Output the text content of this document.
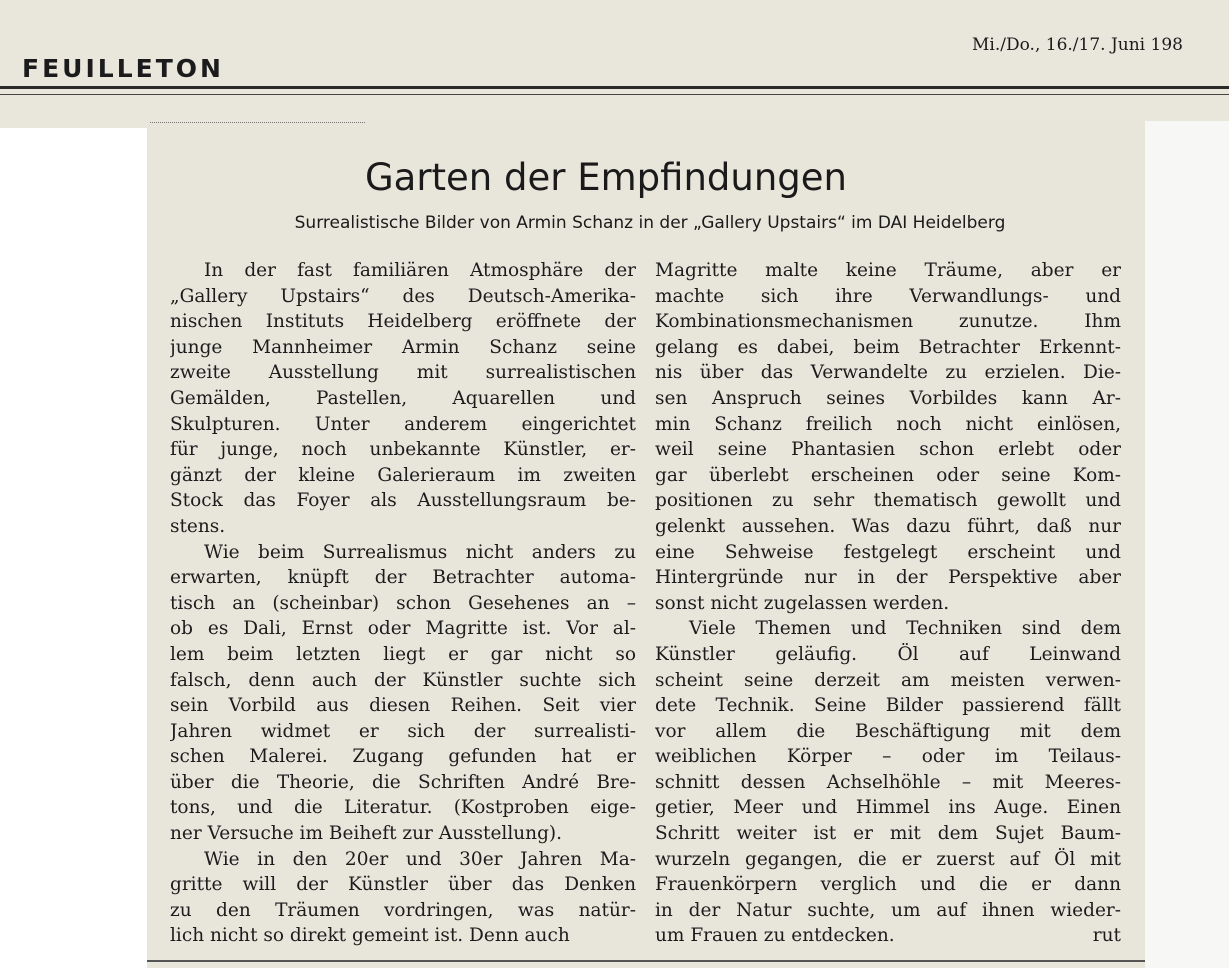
FEUILLETON
Mi./Do., 16./17. Juni 198
Garten der Empfindungen
Surrealistische Bilder von Armin Schanz in der „Gallery Upstairs“ im DAI Heidelberg
In der fast familiären Atmosphäre der
„Gallery Upstairs“ des Deutsch-Amerika-
nischen Instituts Heidelberg eröffnete der
junge Mannheimer Armin Schanz seine
zweite Ausstellung mit surrealistischen
Gemälden, Pastellen, Aquarellen und
Skulpturen. Unter anderem eingerichtet
für junge, noch unbekannte Künstler, er-
gänzt der kleine Galerieraum im zweiten
Stock das Foyer als Ausstellungsraum be-
stens.
Wie beim Surrealismus nicht anders zu
erwarten, knüpft der Betrachter automa-
tisch an (scheinbar) schon Gesehenes an –
ob es Dali, Ernst oder Magritte ist. Vor al-
lem beim letzten liegt er gar nicht so
falsch, denn auch der Künstler suchte sich
sein Vorbild aus diesen Reihen. Seit vier
Jahren widmet er sich der surrealisti-
schen Malerei. Zugang gefunden hat er
über die Theorie, die Schriften André Bre-
tons, und die Literatur. (Kostproben eige-
ner Versuche im Beiheft zur Ausstellung).
Wie in den 20er und 30er Jahren Ma-
gritte will der Künstler über das Denken
zu den Träumen vordringen, was natür-
lich nicht so direkt gemeint ist. Denn auch
Magritte malte keine Träume, aber er
machte sich ihre Verwandlungs- und
Kombinationsmechanismen zunutze. Ihm
gelang es dabei, beim Betrachter Erkennt-
nis über das Verwandelte zu erzielen. Die-
sen Anspruch seines Vorbildes kann Ar-
min Schanz freilich noch nicht einlösen,
weil seine Phantasien schon erlebt oder
gar überlebt erscheinen oder seine Kom-
positionen zu sehr thematisch gewollt und
gelenkt aussehen. Was dazu führt, daß nur
eine Sehweise festgelegt erscheint und
Hintergründe nur in der Perspektive aber
sonst nicht zugelassen werden.
Viele Themen und Techniken sind dem
Künstler geläufig. Öl auf Leinwand
scheint seine derzeit am meisten verwen-
dete Technik. Seine Bilder passierend fällt
vor allem die Beschäftigung mit dem
weiblichen Körper – oder im Teilaus-
schnitt dessen Achselhöhle – mit Meeres-
getier, Meer und Himmel ins Auge. Einen
Schritt weiter ist er mit dem Sujet Baum-
wurzeln gegangen, die er zuerst auf Öl mit
Frauenkörpern verglich und die er dann
in der Natur suchte, um auf ihnen wieder-
um Frauen zu entdecken.	rut
